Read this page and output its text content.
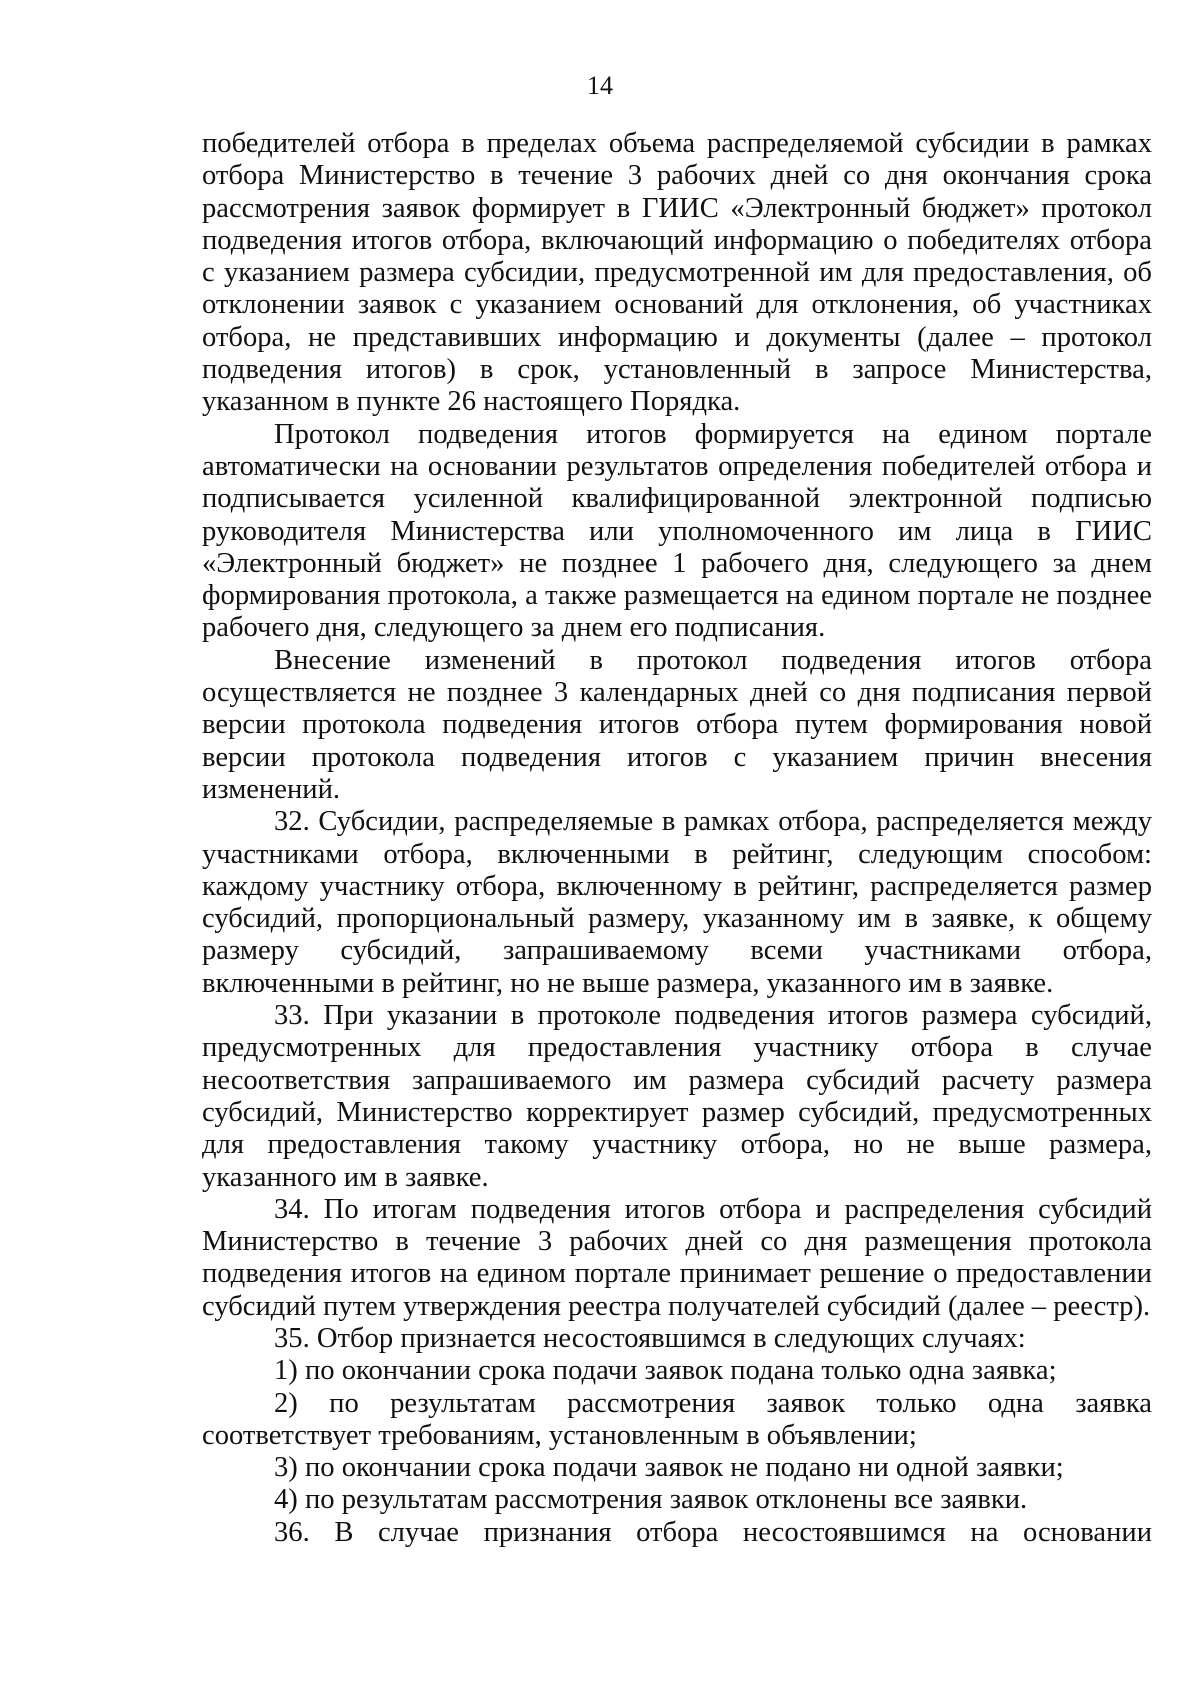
14

победителей отбора в пределах объема распределяемой субсидии в рамках отбора Министерство в течение 3 рабочих дней со дня окончания срока рассмотрения заявок формирует в ГИИС «Электронный бюджет» протокол подведения итогов отбора, включающий информацию о победителях отбора с указанием размера субсидии, предусмотренной им для предоставления, об отклонении заявок с указанием оснований для отклонения, об участниках отбора, не представивших информацию и документы (далее – протокол подведения итогов) в срок, установленный в запросе Министерства, указанном в пункте 26 настоящего Порядка.

Протокол подведения итогов формируется на едином портале автоматически на основании результатов определения победителей отбора и подписывается усиленной квалифицированной электронной подписью руководителя Министерства или уполномоченного им лица в ГИИС «Электронный бюджет» не позднее 1 рабочего дня, следующего за днем формирования протокола, а также размещается на едином портале не позднее рабочего дня, следующего за днем его подписания.

Внесение изменений в протокол подведения итогов отбора осуществляется не позднее 3 календарных дней со дня подписания первой версии протокола подведения итогов отбора путем формирования новой версии протокола подведения итогов с указанием причин внесения изменений.

32. Субсидии, распределяемые в рамках отбора, распределяется между участниками отбора, включенными в рейтинг, следующим способом: каждому участнику отбора, включенному в рейтинг, распределяется размер субсидий, пропорциональный размеру, указанному им в заявке, к общему размеру субсидий, запрашиваемому всеми участниками отбора, включенными в рейтинг, но не выше размера, указанного им в заявке.

33. При указании в протоколе подведения итогов размера субсидий, предусмотренных для предоставления участнику отбора в случае несоответствия запрашиваемого им размера субсидий расчету размера субсидий, Министерство корректирует размер субсидий, предусмотренных для предоставления такому участнику отбора, но не выше размера, указанного им в заявке.

34. По итогам подведения итогов отбора и распределения субсидий Министерство в течение 3 рабочих дней со дня размещения протокола подведения итогов на едином портале принимает решение о предоставлении субсидий путем утверждения реестра получателей субсидий (далее – реестр).

35. Отбор признается несостоявшимся в следующих случаях:

1) по окончании срока подачи заявок подана только одна заявка;

2) по результатам рассмотрения заявок только одна заявка соответствует требованиям, установленным в объявлении;

3) по окончании срока подачи заявок не подано ни одной заявки;

4) по результатам рассмотрения заявок отклонены все заявки.

36. В случае признания отбора несостоявшимся на основании
